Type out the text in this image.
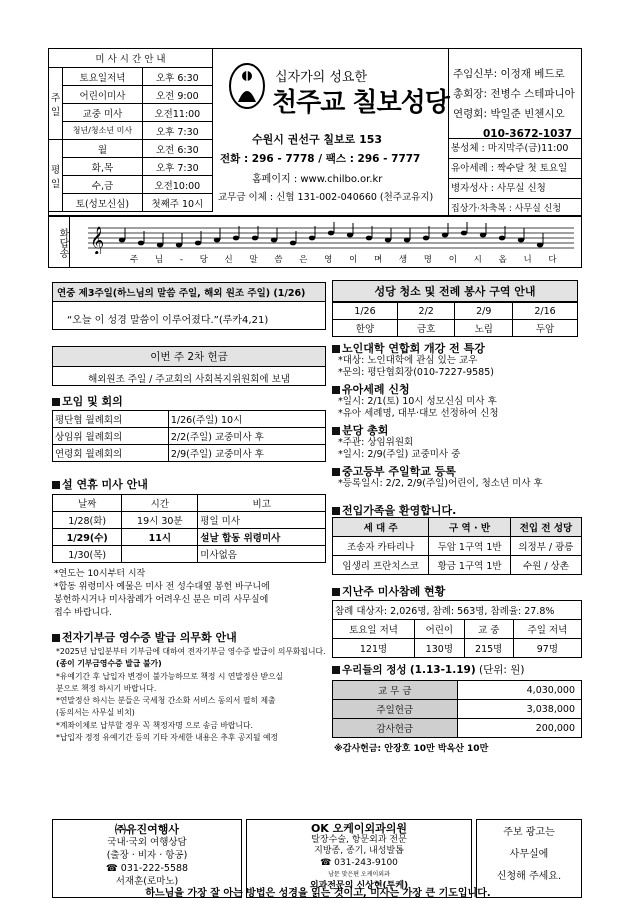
미 사 시 간 안 내		
주일	토요일저녁	오후 6:30
	어린이미사	오전 9:00
	교중 미사	오전11:00
	청년/청소년 미사	오후 7:30
평일	월	오전 6:30
	화,목	오후 7:30
	수,금	오전10:00
	토(성모신심)	첫째주 10시
십자가의 성요한
천주교 칠보성당
수원시 권선구 칠보로 153
전화 : 296 - 7778 / 팩스 : 296 - 7777
홈페이지 : www.chilbo.or.kr
교무금 이체 : 신협 131-002-040660 (천주교유지)
주임신부: 이정재 베드로
총회장: 전병수 스테파니아
연령회: 박일준 빈첸시오
010-3672-1037
봉성체 : 마지막주(금)11:00
유아세례 : 짝수달 첫 토요일
병자성사 : 사무실 신청
집상가·차축복 : 사무실 신청
화답송 𝄞
주 님 - 당 신 말 씀 은 영 이 며 생 명 이 시 옵 니 다
연중 제3주일(하느님의 말씀 주일, 해외 원조 주일) (1/26)
“오늘 이 성경 말씀이 이루어졌다.”(루카4,21)
성당 청소 및 전례 봉사 구역 안내
1/26	2/2	2/9	2/16
한양	금호	노림	두암
이번 주 2차 헌금
해외원조 주일 / 주교회의 사회복지위원회에 보냄
모임 및 회의
평단협 월례회의	1/26(주일) 10시
상임위 월례회의	2/2(주일) 교중미사 후
연령회 월례회의	2/9(주일) 교중미사 후
설 연휴 미사 안내
날짜	시간	비고
1/28(화)	19시 30분	평일 미사
1/29(수)	11시	설날 합동 위령미사
1/30(목)		미사없음
*연도는 10시부터 시작
*합동 위령미사 예물은 미사 전 성수대옆 봉헌 바구니에
봉헌하시거나 미사참례가 어려우신 분은 미리 사무실에
접수 바랍니다.
전자기부금 영수증 발급 의무화 안내
*2025년 납입분부터 기부금에 대하여 전자기부금 영수증 발급이 의무화됩니다.
(종이 기부금영수증 발급 불가)
*유예기간 후 납입자 변경이 불가능하므로 책정 시 연말정산 받으실
분으로 책정 하시기 바랍니다.
*연말정산 하시는 분들은 국세청 간소화 서비스 동의서 필히 제출
(동의서는 사무실 비치)
*계좌이체로 납부할 경우 꼭 책정자명 으로 송금 바랍니다.
*납입자 정정 유예기간 등의 기타 자세한 내용은 추후 공지될 예정
노인대학 연합회 개강 전 특강
*대상: 노인대학에 관심 있는 교우
*문의: 평단협회장(010-7227-9585)
유아세례 신청
*일시: 2/1(토) 10시 성모신심 미사 후
*유아 세례명, 대부·대모 선정하여 신청
분당 총회
*주관: 상임위원회
*일시: 2/9(주일) 교중미사 중
중고등부 주일학교 등록
*등록일시: 2/2, 2/9(주일)어린이, 청소년 미사 후
전입가족을 환영합니다.
세 대 주	구 역 · 반	전입 전 성당
조송자 카타리나	두암 1구역 1반	의정부 / 광릉
임생리 프란치스코	황금 1구역 1반	수원 / 상촌
지난주 미사참례 현황
참례 대상자: 2,026명, 참례: 563명, 참례율: 27.8%			
토요일 저녁	어린이	교 중	주일 저녁
121명	130명	215명	97명
우리들의 정성 (1.13-1.19) (단위: 원)
교 무 금	4,030,000
주일헌금	3,038,000
감사헌금	200,000
※감사헌금: 안장호 10만 박옥산 10만
㈜유진여행사
국내·국외 여행상담
(출장 · 비자 · 항공)
☎ 031-222-5588
서재훈(로마노)
OK 오케이외과의원
탈장수술, 항문외과 전문
지방종, 종기, 내성발톱
☎ 031-243-9100
남문 맞은편 오케이외과
외과전문의 신상현(투케)
주보 광고는
사무실에
신청해 주세요.
하느님을 가장 잘 아는 방법은 성경을 읽는 것이고, 미사는 가장 큰 기도입니다.
